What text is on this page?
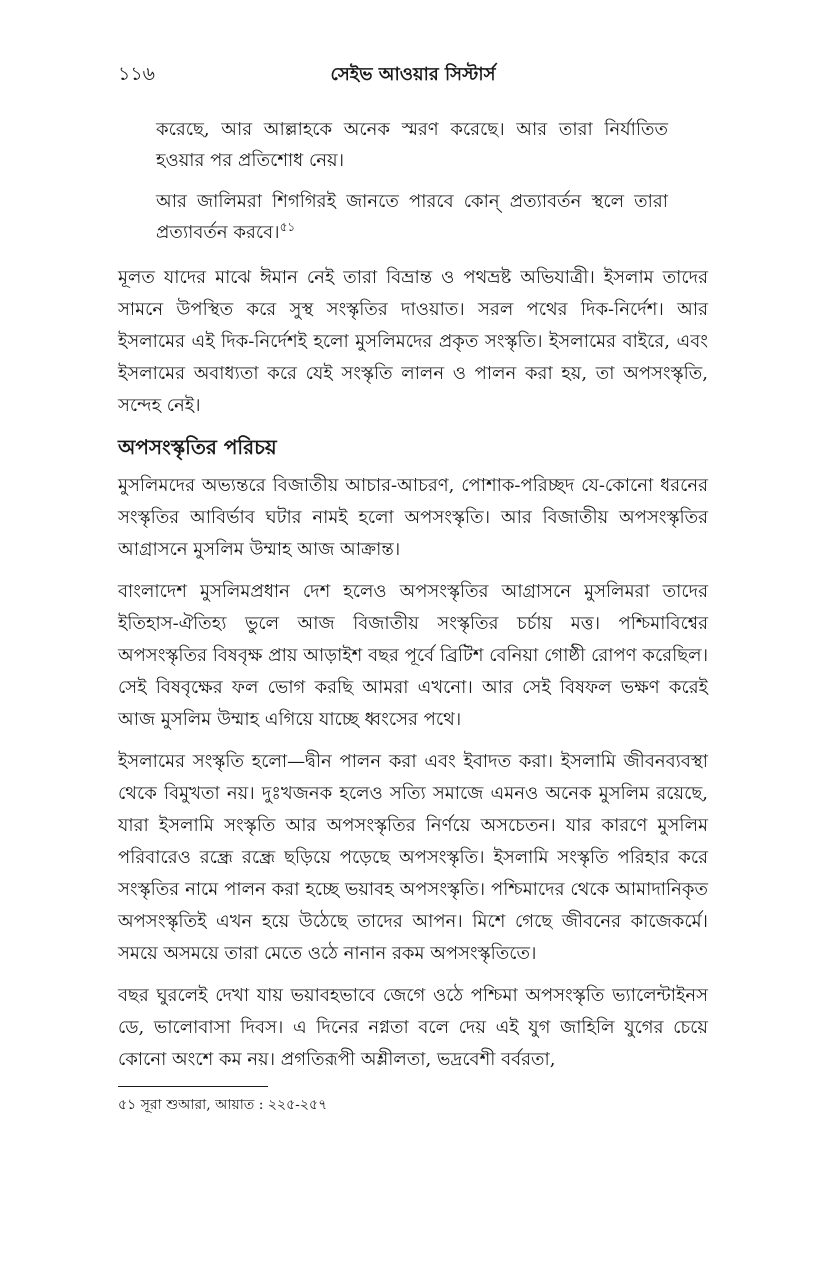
১১৬	সেইভ আওয়ার সিস্টার্স

করেছে, আর আল্লাহকে অনেক স্মরণ করেছে। আর তারা নির্যাতিত হওয়ার পর প্রতিশোধ নেয়।

আর জালিমরা শিগগিরই জানতে পারবে কোন্‌ প্রত্যাবর্তন স্থলে তারা প্রত্যাবর্তন করবে।$^{৫১}$

মূলত যাদের মাঝে ঈমান নেই তারা বিভ্রান্ত ও পথভ্রষ্ট অভিযাত্রী। ইসলাম তাদের সামনে উপস্থিত করে সুস্থ সংস্কৃতির দাওয়াত। সরল পথের দিক-নির্দেশ। আর ইসলামের এই দিক-নির্দেশই হলো মুসলিমদের প্রকৃত সংস্কৃতি। ইসলামের বাইরে, এবং ইসলামের অবাধ্যতা করে যেই সংস্কৃতি লালন ও পালন করা হয়, তা অপসংস্কৃতি, সন্দেহ নেই।

অপসংস্কৃতির পরিচয়

মুসলিমদের অভ্যন্তরে বিজাতীয় আচার-আচরণ, পোশাক-পরিচ্ছদ যে-কোনো ধরনের সংস্কৃতির আবির্ভাব ঘটার নামই হলো অপসংস্কৃতি। আর বিজাতীয় অপসংস্কৃতির আগ্রাসনে মুসলিম উম্মাহ আজ আক্রান্ত।

বাংলাদেশ মুসলিমপ্রধান দেশ হলেও অপসংস্কৃতির আগ্রাসনে মুসলিমরা তাদের ইতিহাস-ঐতিহ্য ভুলে আজ বিজাতীয় সংস্কৃতির চর্চায় মত্ত। পশ্চিমাবিশ্বের অপসংস্কৃতির বিষবৃক্ষ প্রায় আড়াইশ বছর পূর্বে ব্রিটিশ বেনিয়া গোষ্ঠী রোপণ করেছিল। সেই বিষবৃক্ষের ফল ভোগ করছি আমরা এখনো। আর সেই বিষফল ভক্ষণ করেই আজ মুসলিম উম্মাহ এগিয়ে যাচ্ছে ধ্বংসের পথে।

ইসলামের সংস্কৃতি হলো—দ্বীন পালন করা এবং ইবাদত করা। ইসলামি জীবনব্যবস্থা থেকে বিমুখতা নয়। দুঃখজনক হলেও সত্যি সমাজে এমনও অনেক মুসলিম রয়েছে, যারা ইসলামি সংস্কৃতি আর অপসংস্কৃতির নির্ণয়ে অসচেতন। যার কারণে মুসলিম পরিবারেও রন্ধ্রে রন্ধ্রে ছড়িয়ে পড়েছে অপসংস্কৃতি। ইসলামি সংস্কৃতি পরিহার করে সংস্কৃতির নামে পালন করা হচ্ছে ভয়াবহ অপসংস্কৃতি। পশ্চিমাদের থেকে আমাদানিকৃত অপসংস্কৃতিই এখন হয়ে উঠেছে তাদের আপন। মিশে গেছে জীবনের কাজেকর্মে। সময়ে অসময়ে তারা মেতে ওঠে নানান রকম অপসংস্কৃতিতে।

বছর ঘুরলেই দেখা যায় ভয়াবহভাবে জেগে ওঠে পশ্চিমা অপসংস্কৃতি ভ্যালেন্টাইনস ডে, ভালোবাসা দিবস। এ দিনের নগ্নতা বলে দেয় এই যুগ জাহিলি যুগের চেয়ে কোনো অংশে কম নয়। প্রগতিরূপী অশ্লীলতা, ভদ্রবেশী বর্বরতা,

৫১ সূরা শুআরা, আয়াত : ২২৫-২৫৭
